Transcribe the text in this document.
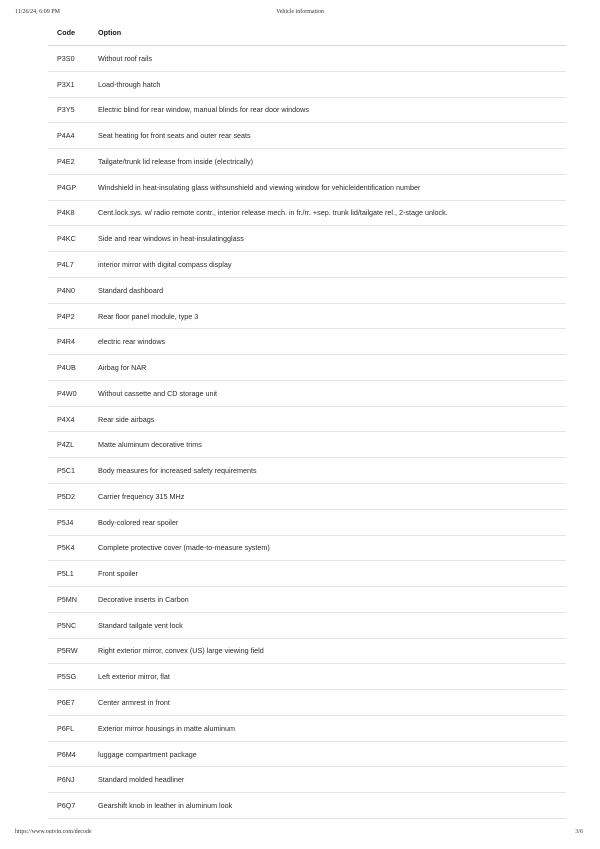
11/26/24, 6:09 PM	Vehicle information
Code	Option
P3S0	Without roof rails
P3X1	Load-through hatch
P3Y5	Electric blind for rear window, manual blinds for rear door windows
P4A4	Seat heating for front seats and outer rear seats
P4E2	Tailgate/trunk lid release from inside (electrically)
P4GP	Windshield in heat-insulating glass withsunshield and viewing window for vehicleidentification number
P4K8	Cent.lock.sys. w/ radio remote contr., interior release mech. in fr./rr. +sep. trunk lid/tailgate rel., 2-stage unlock.
P4KC	Side and rear windows in heat-insulatingglass
P4L7	interior mirror with digital compass display
P4N0	Standard dashboard
P4P2	Rear floor panel module, type 3
P4R4	electric rear windows
P4UB	Airbag for NAR
P4W0	Without cassette and CD storage unit
P4X4	Rear side airbags
P4ZL	Matte aluminum decorative trims
P5C1	Body measures for increased safety requirements
P5D2	Carrier frequency 315 MHz
P5J4	Body-colored rear spoiler
P5K4	Complete protective cover (made-to-measure system)
P5L1	Front spoiler
P5MN	Decorative inserts in Carbon
P5NC	Standard tailgate vent lock
P5RW	Right exterior mirror, convex (US) large viewing field
P5SG	Left exterior mirror, flat
P6E7	Center armrest in front
P6FL	Exterior mirror housings in matte aluminum
P6M4	luggage compartment package
P6NJ	Standard molded headliner
P6Q7	Gearshift knob in leather in aluminum look
https://www.outvin.com/decode	3/6
